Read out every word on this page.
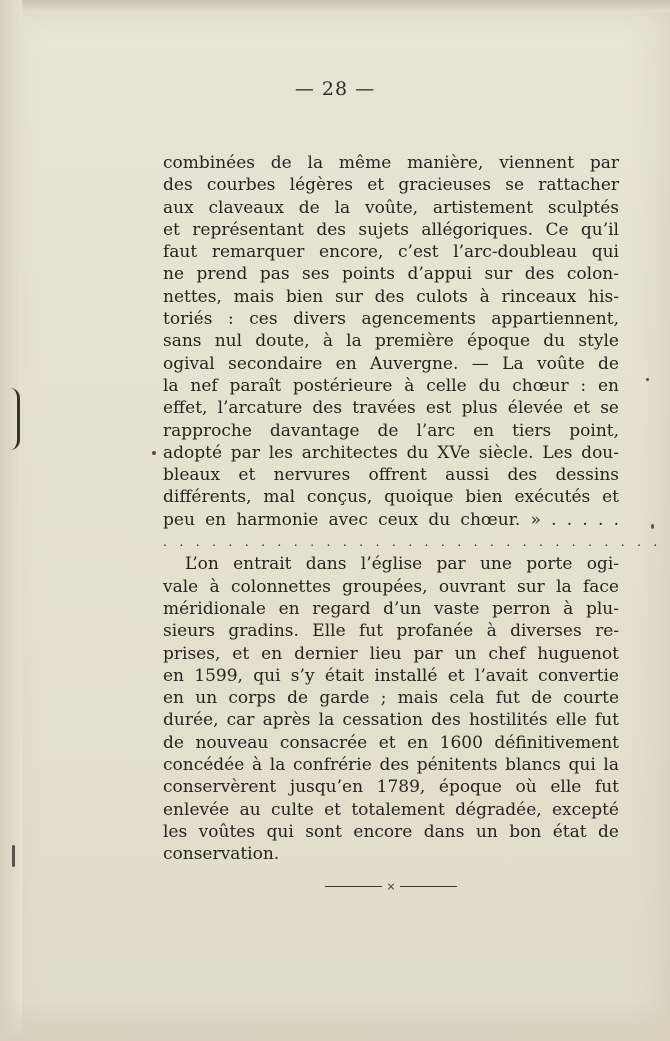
— 28 —
combinées de la même manière, viennent par
des courbes légères et gracieuses se rattacher
aux claveaux de la voûte, artistement sculptés
et représentant des sujets allégoriques. Ce qu’il
faut remarquer encore, c’est l’arc-doubleau qui
ne prend pas ses points d’appui sur des colon-
nettes, mais bien sur des culots à rinceaux his-
toriés : ces divers agencements appartiennent,
sans nul doute, à la première époque du style
ogival secondaire en Auvergne. — La voûte de
la nef paraît postérieure à celle du chœur : en
effet, l’arcature des travées est plus élevée et se
rapproche davantage de l’arc en tiers point,
adopté par les architectes du XVe siècle. Les dou-
bleaux et nervures offrent aussi des dessins
différents, mal conçus, quoique bien exécutés et
peu en harmonie avec ceux du chœur. » . . . . .
. . . . . . . . . . . . . . . . . . . . . . . . . . . . . . .
L’on entrait dans l’église par une porte ogi-
vale à colonnettes groupées, ouvrant sur la face
méridionale en regard d’un vaste perron à plu-
sieurs gradins. Elle fut profanée à diverses re-
prises, et en dernier lieu par un chef huguenot
en 1599, qui s’y était installé et l’avait convertie
en un corps de garde ; mais cela fut de courte
durée, car après la cessation des hostilités elle fut
de nouveau consacrée et en 1600 définitivement
concédée à la confrérie des pénitents blancs qui la
conservèrent jusqu’en 1789, époque où elle fut
enlevée au culte et totalement dégradée, excepté
les voûtes qui sont encore dans un bon état de
conservation.
×
